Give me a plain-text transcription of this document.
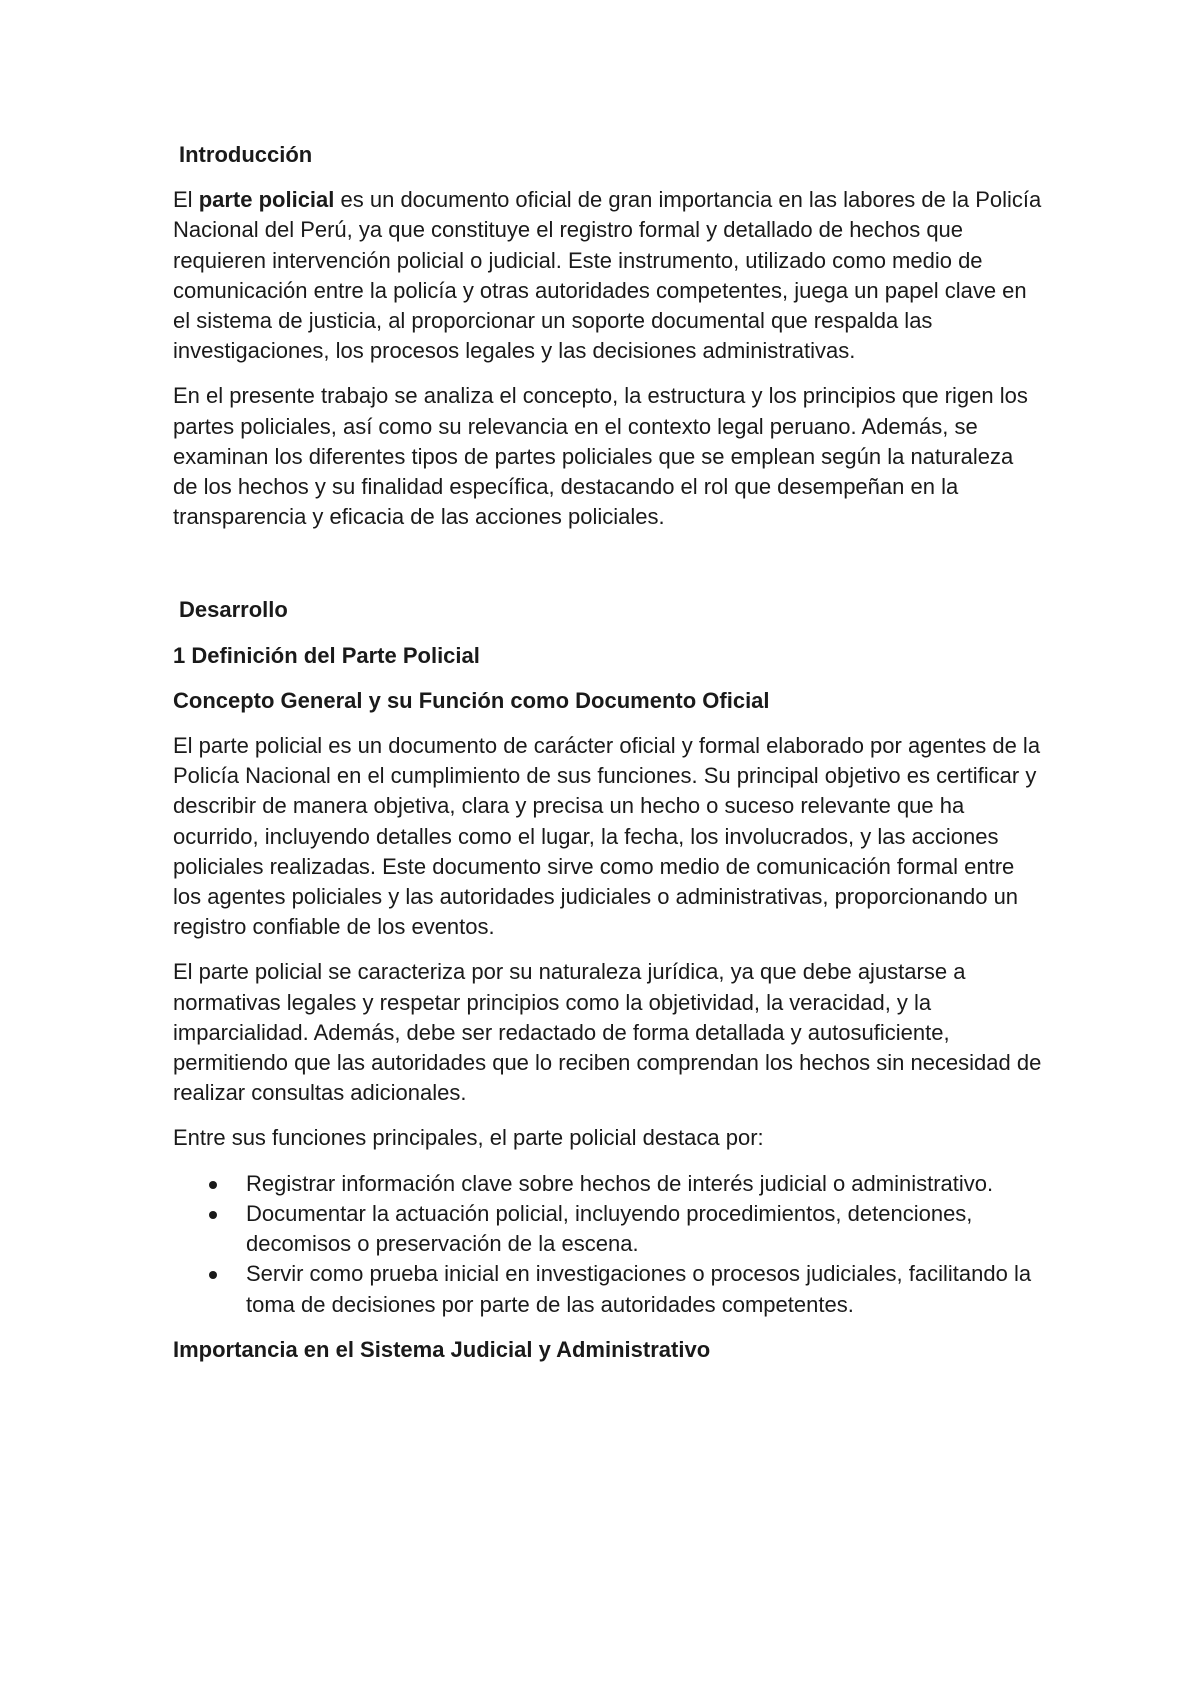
Introducción

El parte policial es un documento oficial de gran importancia en las labores de la Policía Nacional del Perú, ya que constituye el registro formal y detallado de hechos que requieren intervención policial o judicial. Este instrumento, utilizado como medio de comunicación entre la policía y otras autoridades competentes, juega un papel clave en el sistema de justicia, al proporcionar un soporte documental que respalda las investigaciones, los procesos legales y las decisiones administrativas.

En el presente trabajo se analiza el concepto, la estructura y los principios que rigen los partes policiales, así como su relevancia en el contexto legal peruano. Además, se examinan los diferentes tipos de partes policiales que se emplean según la naturaleza de los hechos y su finalidad específica, destacando el rol que desempeñan en la transparencia y eficacia de las acciones policiales.

Desarrollo
1 Definición del Parte Policial
Concepto General y su Función como Documento Oficial

El parte policial es un documento de carácter oficial y formal elaborado por agentes de la Policía Nacional en el cumplimiento de sus funciones. Su principal objetivo es certificar y describir de manera objetiva, clara y precisa un hecho o suceso relevante que ha ocurrido, incluyendo detalles como el lugar, la fecha, los involucrados, y las acciones policiales realizadas. Este documento sirve como medio de comunicación formal entre los agentes policiales y las autoridades judiciales o administrativas, proporcionando un registro confiable de los eventos.

El parte policial se caracteriza por su naturaleza jurídica, ya que debe ajustarse a normativas legales y respetar principios como la objetividad, la veracidad, y la imparcialidad. Además, debe ser redactado de forma detallada y autosuficiente, permitiendo que las autoridades que lo reciben comprendan los hechos sin necesidad de realizar consultas adicionales.

Entre sus funciones principales, el parte policial destaca por:

Registrar información clave sobre hechos de interés judicial o administrativo.
Documentar la actuación policial, incluyendo procedimientos, detenciones, decomisos o preservación de la escena.
Servir como prueba inicial en investigaciones o procesos judiciales, facilitando la toma de decisiones por parte de las autoridades competentes.
Importancia en el Sistema Judicial y Administrativo
